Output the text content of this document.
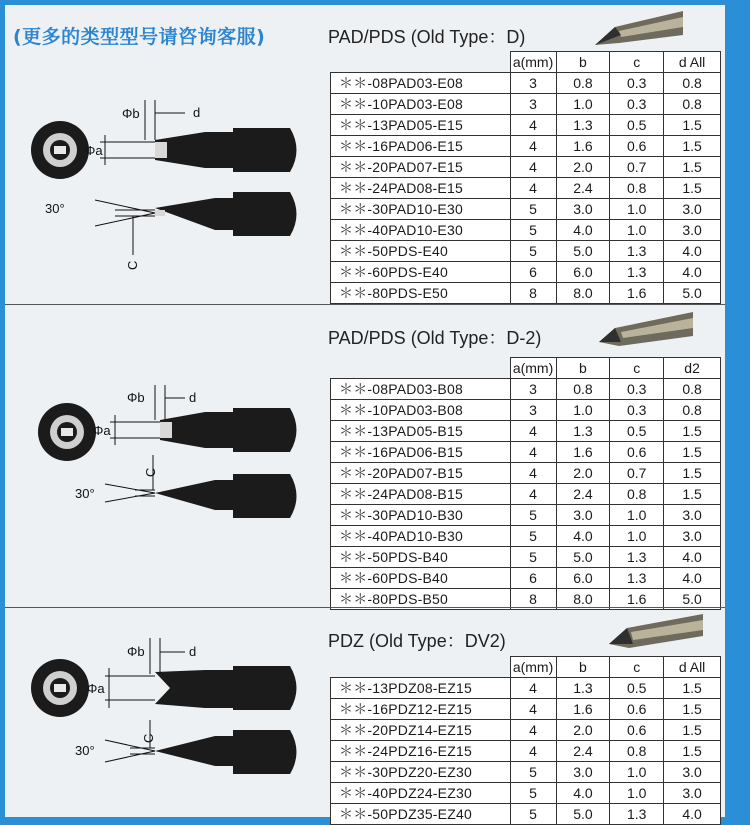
(更多的类型型号请咨询客服)	PAD/PDS (Old Type：D)
Φb	d
Φa
30°
C
	a(mm)	b	c	d All
＊＊-08PAD03-E08	3	0.8	0.3	0.8
＊＊-10PAD03-E08	3	1.0	0.3	0.8
＊＊-13PAD05-E15	4	1.3	0.5	1.5
＊＊-16PAD06-E15	4	1.6	0.6	1.5
＊＊-20PAD07-E15	4	2.0	0.7	1.5
＊＊-24PAD08-E15	4	2.4	0.8	1.5
＊＊-30PAD10-E30	5	3.0	1.0	3.0
＊＊-40PAD10-E30	5	4.0	1.0	3.0
＊＊-50PDS-E40	5	5.0	1.3	4.0
＊＊-60PDS-E40	6	6.0	1.3	4.0
＊＊-80PDS-E50	8	8.0	1.6	5.0
PAD/PDS (Old Type：D-2)
Φb	d
Φa
30°
C
	a(mm)	b	c	d2
＊＊-08PAD03-B08	3	0.8	0.3	0.8
＊＊-10PAD03-B08	3	1.0	0.3	0.8
＊＊-13PAD05-B15	4	1.3	0.5	1.5
＊＊-16PAD06-B15	4	1.6	0.6	1.5
＊＊-20PAD07-B15	4	2.0	0.7	1.5
＊＊-24PAD08-B15	4	2.4	0.8	1.5
＊＊-30PAD10-B30	5	3.0	1.0	3.0
＊＊-40PAD10-B30	5	4.0	1.0	3.0
＊＊-50PDS-B40	5	5.0	1.3	4.0
＊＊-60PDS-B40	6	6.0	1.3	4.0
＊＊-80PDS-B50	8	8.0	1.6	5.0
PDZ (Old Type：DV2)
Φb	d
Φa
30°
C
	a(mm)	b	c	d All
＊＊-13PDZ08-EZ15	4	1.3	0.5	1.5
＊＊-16PDZ12-EZ15	4	1.6	0.6	1.5
＊＊-20PDZ14-EZ15	4	2.0	0.6	1.5
＊＊-24PDZ16-EZ15	4	2.4	0.8	1.5
＊＊-30PDZ20-EZ30	5	3.0	1.0	3.0
＊＊-40PDZ24-EZ30	5	4.0	1.0	3.0
＊＊-50PDZ35-EZ40	5	5.0	1.3	4.0
